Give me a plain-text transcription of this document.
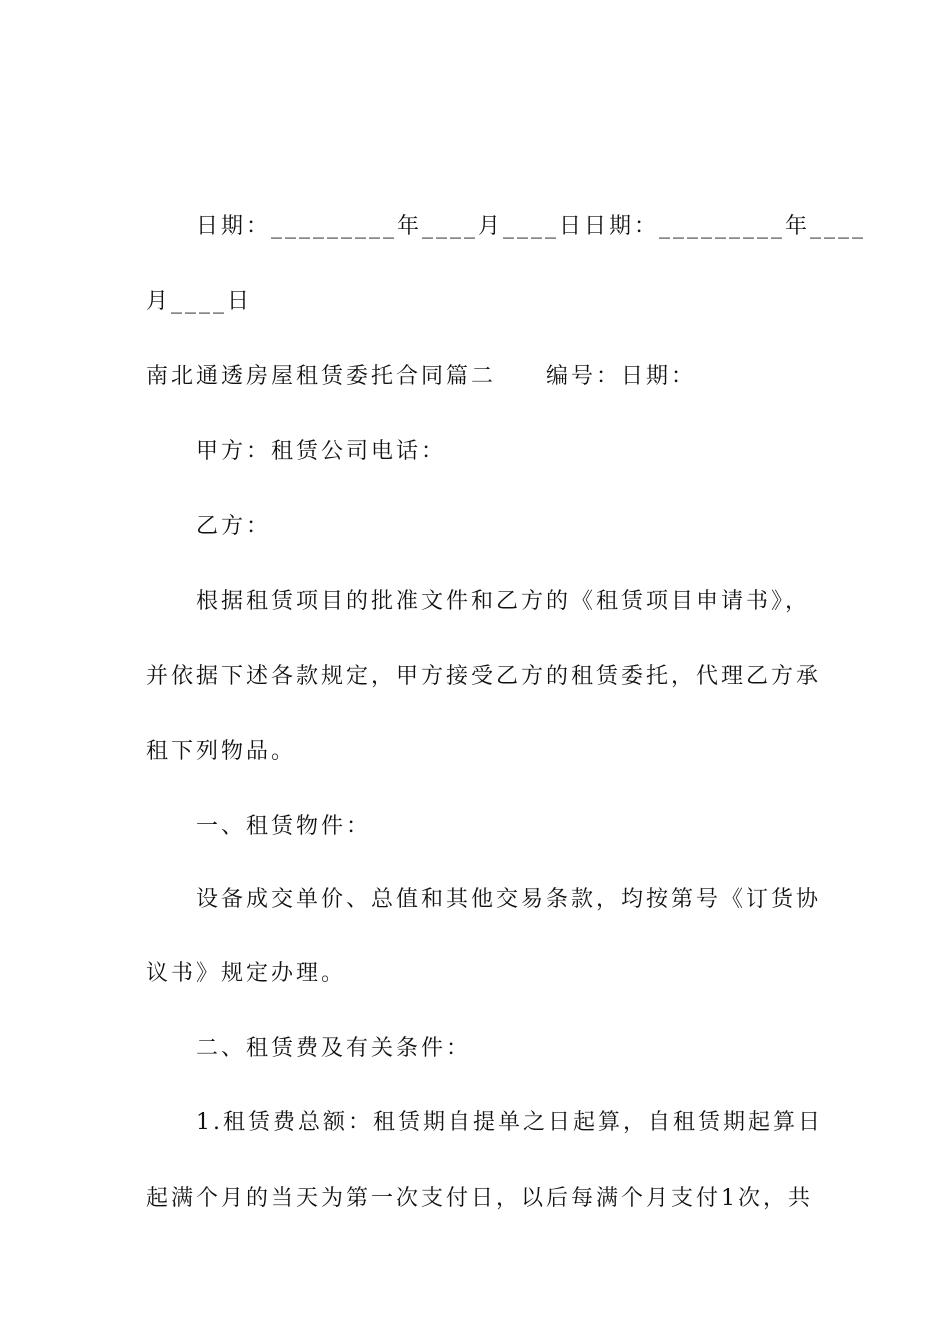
日期：_________年____月____日日期：_________年____
月____日
南北通透房屋租赁委托合同篇二　　编号：日期：
甲方：租赁公司电话：
乙方：
根据租赁项目的批准文件和乙方的《租赁项目申请书》，
并依据下述各款规定，甲方接受乙方的租赁委托，代理乙方承
租下列物品。
一、租赁物件：
设备成交单价、总值和其他交易条款，均按第号《订货协
议书》规定办理。
二、租赁费及有关条件：
1.租赁费总额：租赁期自提单之日起算，自租赁期起算日
起满个月的当天为第一次支付日，以后每满个月支付1次，共
